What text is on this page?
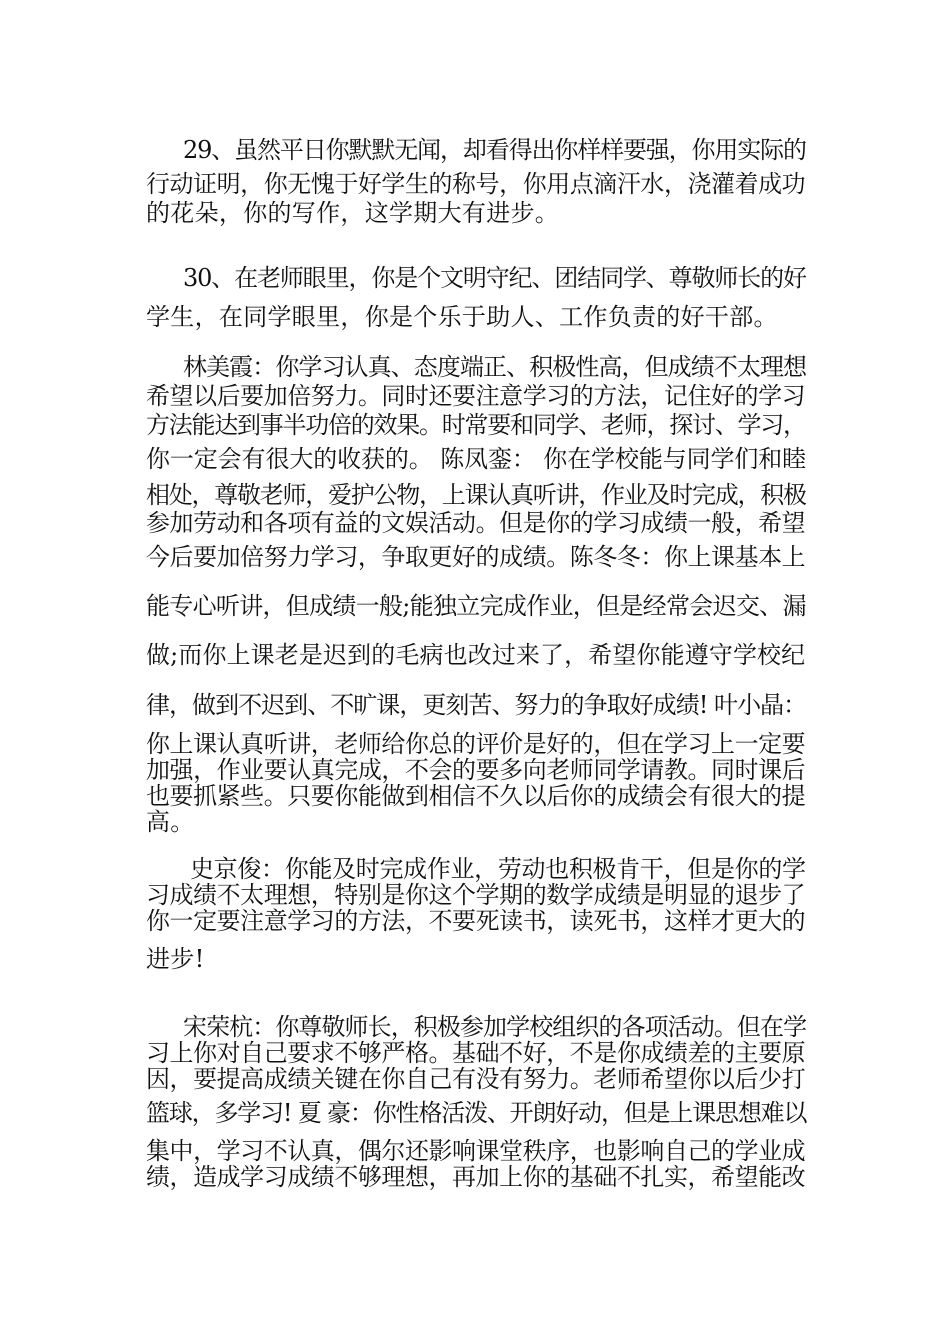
29、虽然平日你默默无闻，却看得出你样样要强，你用实际的
行动证明，你无愧于好学生的称号，你用点滴汗水，浇灌着成功
的花朵，你的写作，这学期大有进步。
30、在老师眼里，你是个文明守纪、团结同学、尊敬师长的好
学生，在同学眼里，你是个乐于助人、工作负责的好干部。
林美霞：你学习认真、态度端正、积极性高，但成绩不太理想
希望以后要加倍努力。同时还要注意学习的方法，记住好的学习
方法能达到事半功倍的效果。时常要和同学、老师，探讨、学习，
你一定会有很大的收获的。 陈凤銮： 你在学校能与同学们和睦
相处，尊敬老师，爱护公物，上课认真听讲，作业及时完成，积极
参加劳动和各项有益的文娱活动。但是你的学习成绩一般，希望
今后要加倍努力学习，争取更好的成绩。陈冬冬：你上课基本上
能专心听讲，但成绩一般;能独立完成作业，但是经常会迟交、漏
做;而你上课老是迟到的毛病也改过来了，希望你能遵守学校纪
律，做到不迟到、不旷课，更刻苦、努力的争取好成绩! 叶小晶：
你上课认真听讲，老师给你总的评价是好的，但在学习上一定要
加强，作业要认真完成，不会的要多向老师同学请教。同时课后
也要抓紧些。只要你能做到相信不久以后你的成绩会有很大的提
高。
史京俊：你能及时完成作业，劳动也积极肯干，但是你的学
习成绩不太理想，特别是你这个学期的数学成绩是明显的退步了
你一定要注意学习的方法，不要死读书，读死书，这样才更大的
进步!
宋荣杭：你尊敬师长，积极参加学校组织的各项活动。但在学
习上你对自己要求不够严格。基础不好，不是你成绩差的主要原
因，要提高成绩关键在你自己有没有努力。老师希望你以后少打
篮球，多学习! 夏 豪：你性格活泼、开朗好动，但是上课思想难以
集中，学习不认真，偶尔还影响课堂秩序，也影响自己的学业成
绩，造成学习成绩不够理想，再加上你的基础不扎实，希望能改
